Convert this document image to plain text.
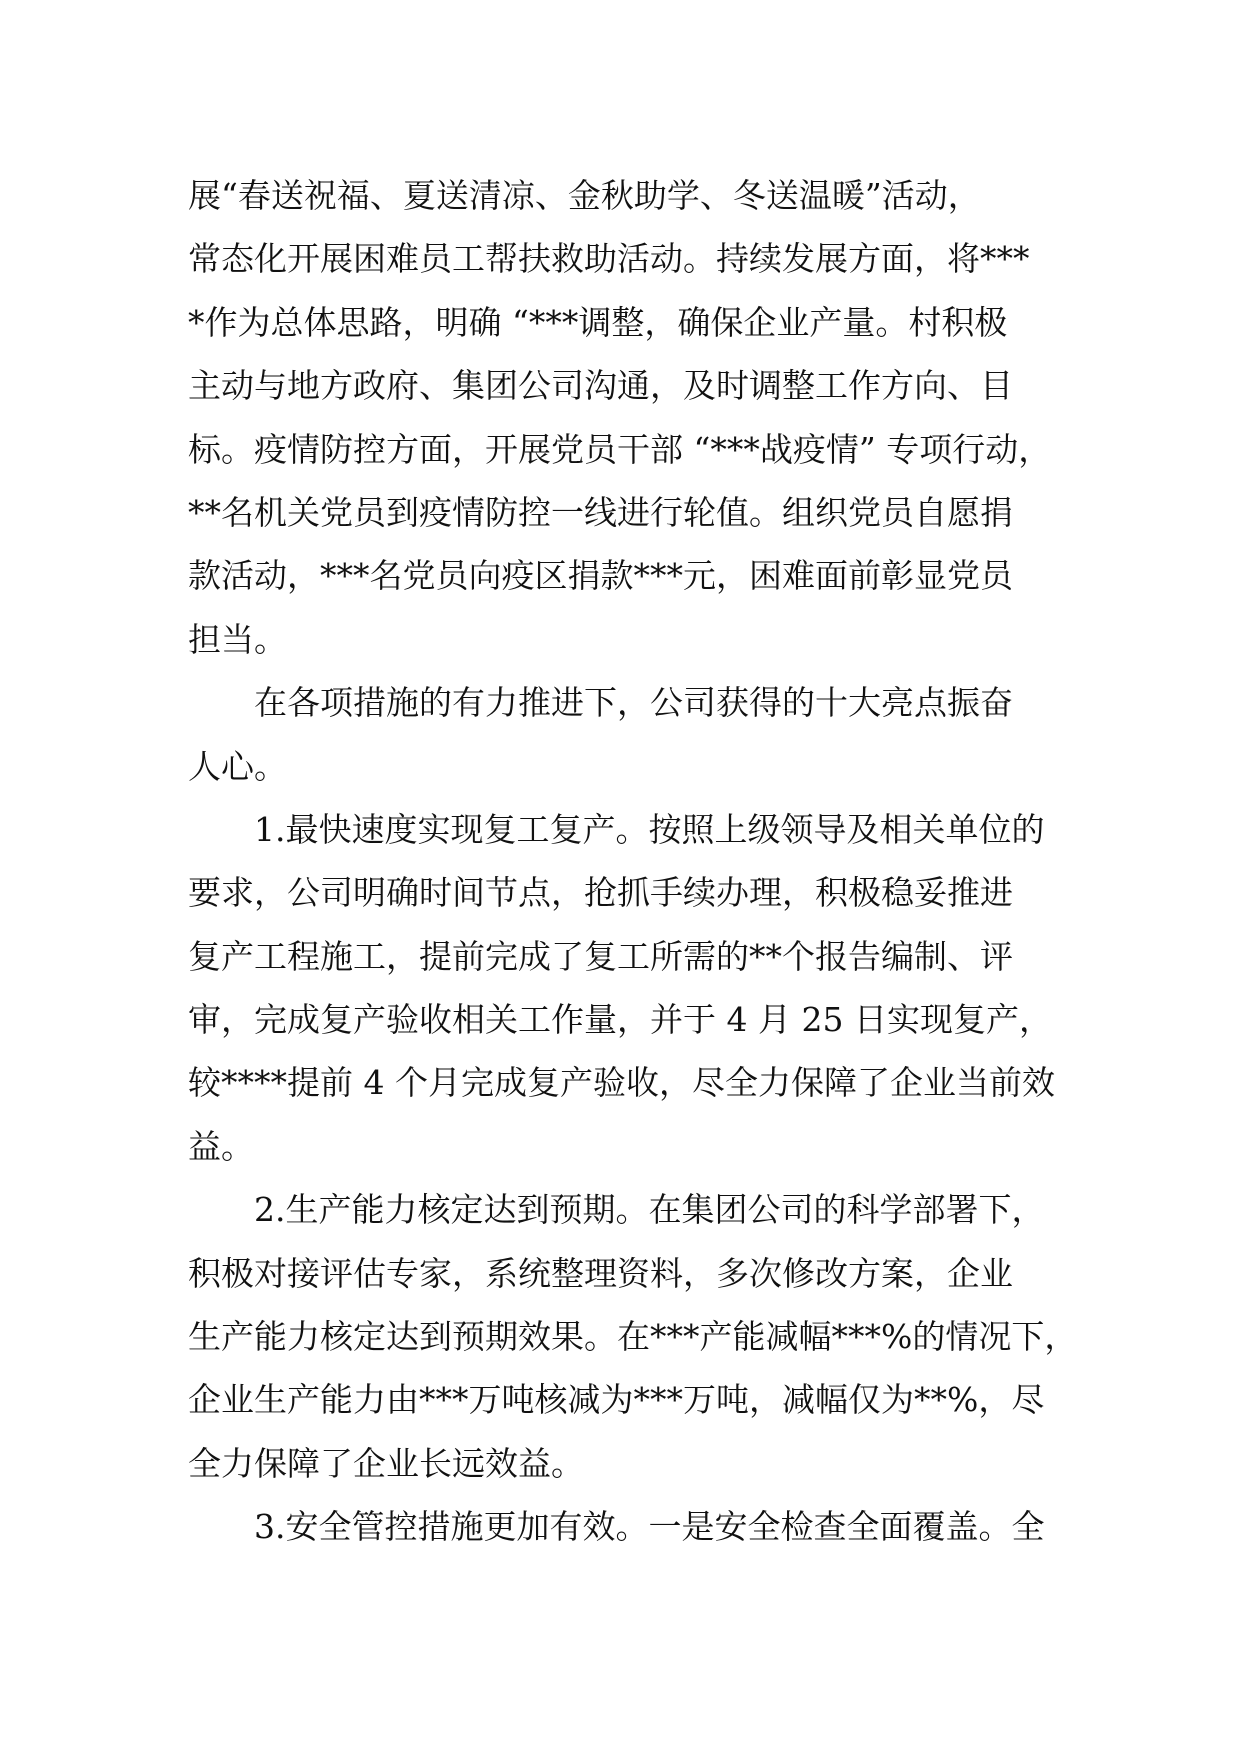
展“春送祝福、夏送清凉、金秋助学、冬送温暖”活动，
常态化开展困难员工帮扶救助活动。持续发展方面，将***
*作为总体思路，明确 “***调整，确保企业产量。村积极
主动与地方政府、集团公司沟通，及时调整工作方向、目
标。疫情防控方面，开展党员干部 “***战疫情” 专项行动，
**名机关党员到疫情防控一线进行轮值。组织党员自愿捐
款活动，***名党员向疫区捐款***元，困难面前彰显党员
担当。
在各项措施的有力推进下，公司获得的十大亮点振奋
人心。
1.最快速度实现复工复产。按照上级领导及相关单位的
要求，公司明确时间节点，抢抓手续办理，积极稳妥推进
复产工程施工，提前完成了复工所需的**个报告编制、评
审，完成复产验收相关工作量，并于 4 月 25 日实现复产，
较****提前 4 个月完成复产验收，尽全力保障了企业当前效
益。
2.生产能力核定达到预期。在集团公司的科学部署下，
积极对接评估专家，系统整理资料，多次修改方案，企业
生产能力核定达到预期效果。在***产能减幅***%的情况下，
企业生产能力由***万吨核减为***万吨，减幅仅为**%，尽
全力保障了企业长远效益。
3.安全管控措施更加有效。一是安全检查全面覆盖。全
